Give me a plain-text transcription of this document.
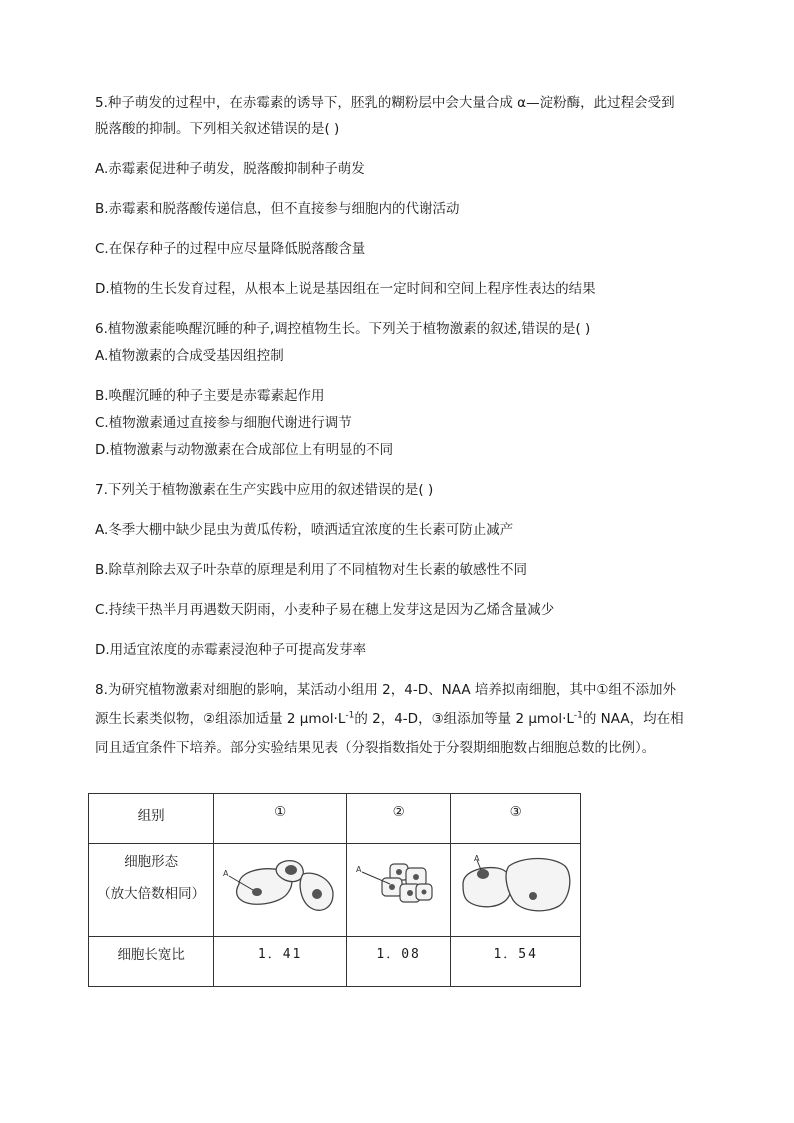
5.种子萌发的过程中，在赤霉素的诱导下，胚乳的糊粉层中会大量合成 α—淀粉酶，此过程会受到
脱落酸的抑制。下列相关叙述错误的是( )
A.赤霉素促进种子萌发，脱落酸抑制种子萌发
B.赤霉素和脱落酸传递信息，但不直接参与细胞内的代谢活动
C.在保存种子的过程中应尽量降低脱落酸含量
D.植物的生长发育过程，从根本上说是基因组在一定时间和空间上程序性表达的结果
6.植物激素能唤醒沉睡的种子,调控植物生长。下列关于植物激素的叙述,错误的是( )
A.植物激素的合成受基因组控制
B.唤醒沉睡的种子主要是赤霉素起作用
C.植物激素通过直接参与细胞代谢进行调节
D.植物激素与动物激素在合成部位上有明显的不同
7.下列关于植物激素在生产实践中应用的叙述错误的是( )
A.冬季大棚中缺少昆虫为黄瓜传粉，喷洒适宜浓度的生长素可防止减产
B.除草剂除去双子叶杂草的原理是利用了不同植物对生长素的敏感性不同
C.持续干热半月再遇数天阴雨，小麦种子易在穗上发芽这是因为乙烯含量减少
D.用适宜浓度的赤霉素浸泡种子可提高发芽率
8.为研究植物激素对细胞的影响，某活动小组用 2，4-D、NAA 培养拟南细胞，其中①组不添加外
源生长素类似物，②组添加适量 2 $\mu mol\cdot L^{-1}$的 2，4-D，③组添加等量 2 $\mu mol\cdot L^{-1}$的 NAA，均在相
同且适宜条件下培养。部分实验结果见表（分裂指数指处于分裂期细胞数占细胞总数的比例）。
组别	①	②	③

细胞形态
（放大倍数相同）	A	A	A

细胞长宽比	1．41	1．08	1．54
